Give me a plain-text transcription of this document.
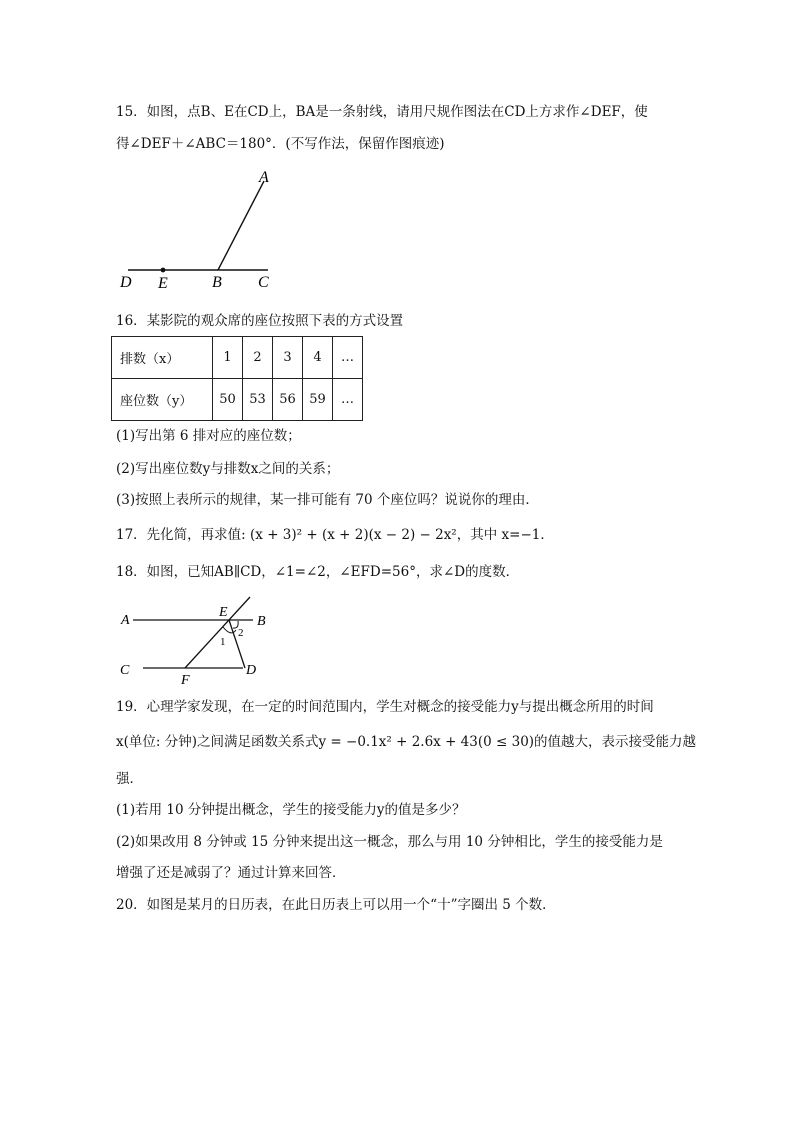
15．如图，点B、E在CD上，BA是一条射线，请用尺规作图法在CD上方求作∠DEF，使
得∠DEF＋∠ABC＝180°．(不写作法，保留作图痕迹)
A
D E	B C
16．某影院的观众席的座位按照下表的方式设置
排数（x）	1	2	3	4	…
座位数（y）	50	53	56	59	…
(1)写出第 6 排对应的座位数；
(2)写出座位数y与排数x之间的关系；
(3)按照上表所示的规律，某一排可能有 70 个座位吗？说说你的理由．
17．先化简，再求值: (x + 3)² + (x + 2)(x − 2) − 2x²，其中 x=−1．
18．如图，已知AB∥CD，∠1=∠2，∠EFD=56°，求∠D的度数．
A	B
C	D
E
F
1
2
19．心理学家发现，在一定的时间范围内，学生对概念的接受能力y与提出概念所用的时间
x(单位: 分钟)之间满足函数关系式y = −0.1x² + 2.6x + 43(0 ≤ 30)的值越大，表示接受能力越
强．
(1)若用 10 分钟提出概念，学生的接受能力y的值是多少？
(2)如果改用 8 分钟或 15 分钟来提出这一概念，那么与用 10 分钟相比，学生的接受能力是
增强了还是减弱了？通过计算来回答．
20．如图是某月的日历表，在此日历表上可以用一个“十”字圈出 5 个数．
